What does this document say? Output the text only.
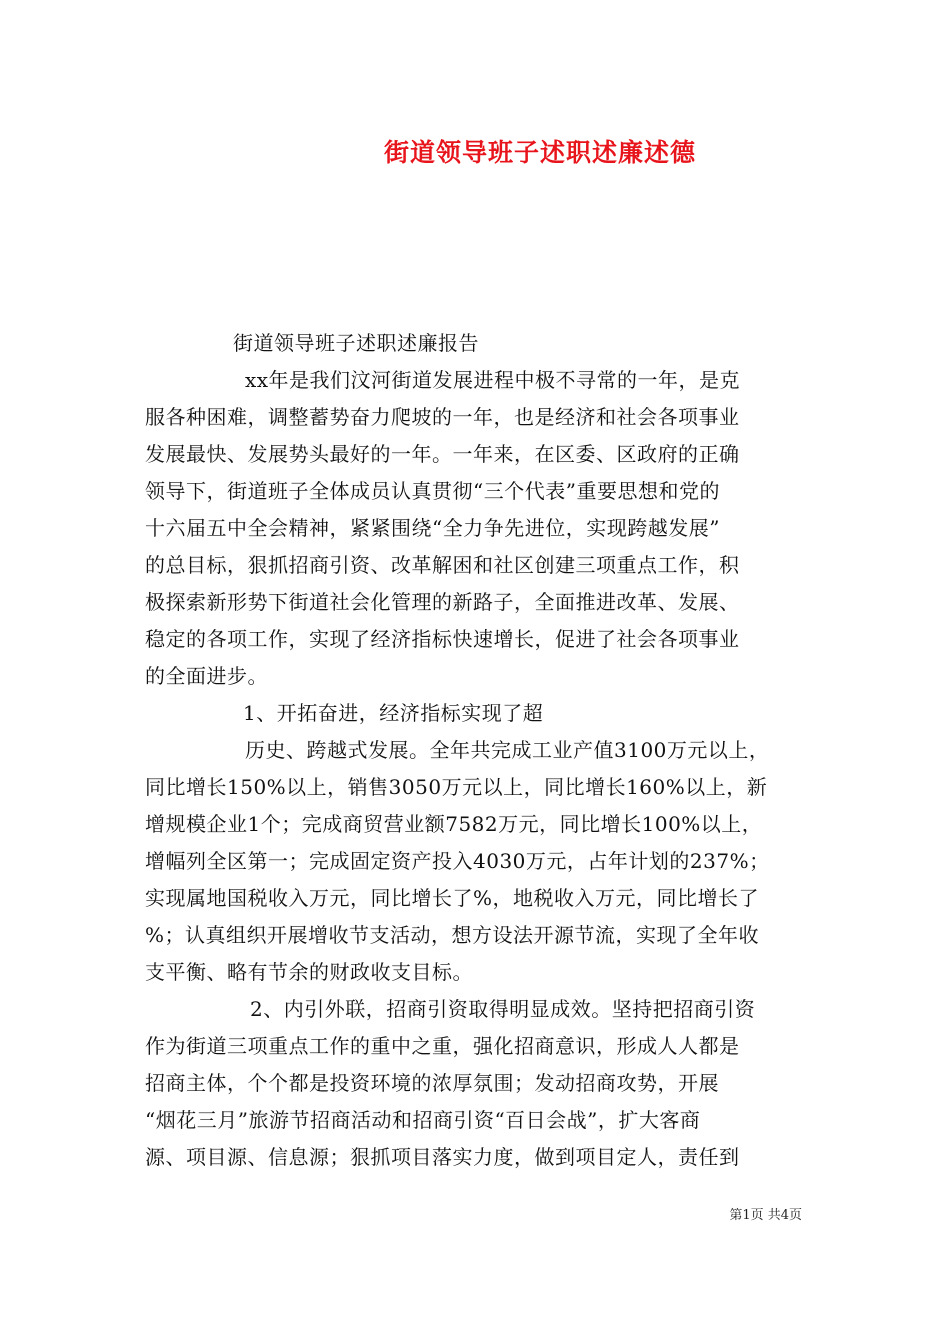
街道领导班子述职述廉述德
街道领导班子述职述廉报告
xx年是我们汶河街道发展进程中极不寻常的一年，是克
服各种困难，调整蓄势奋力爬坡的一年，也是经济和社会各项事业
发展最快、发展势头最好的一年。一年来，在区委、区政府的正确
领导下，街道班子全体成员认真贯彻“三个代表”重要思想和党的
十六届五中全会精神，紧紧围绕“全力争先进位，实现跨越发展”
的总目标，狠抓招商引资、改革解困和社区创建三项重点工作，积
极探索新形势下街道社会化管理的新路子，全面推进改革、发展、
稳定的各项工作，实现了经济指标快速增长，促进了社会各项事业
的全面进步。
1、开拓奋进，经济指标实现了超
历史、跨越式发展。全年共完成工业产值3100万元以上，
同比增长150%以上，销售3050万元以上，同比增长160%以上，新
增规模企业1个；完成商贸营业额7582万元，同比增长100%以上，
增幅列全区第一；完成固定资产投入4030万元，占年计划的237%；
实现属地国税收入万元，同比增长了%，地税收入万元，同比增长了
%；认真组织开展增收节支活动，想方设法开源节流，实现了全年收
支平衡、略有节余的财政收支目标。
2、内引外联，招商引资取得明显成效。坚持把招商引资
作为街道三项重点工作的重中之重，强化招商意识，形成人人都是
招商主体，个个都是投资环境的浓厚氛围；发动招商攻势，开展
“烟花三月”旅游节招商活动和招商引资“百日会战”，扩大客商
源、项目源、信息源；狠抓项目落实力度，做到项目定人，责任到
第1页 共4页
